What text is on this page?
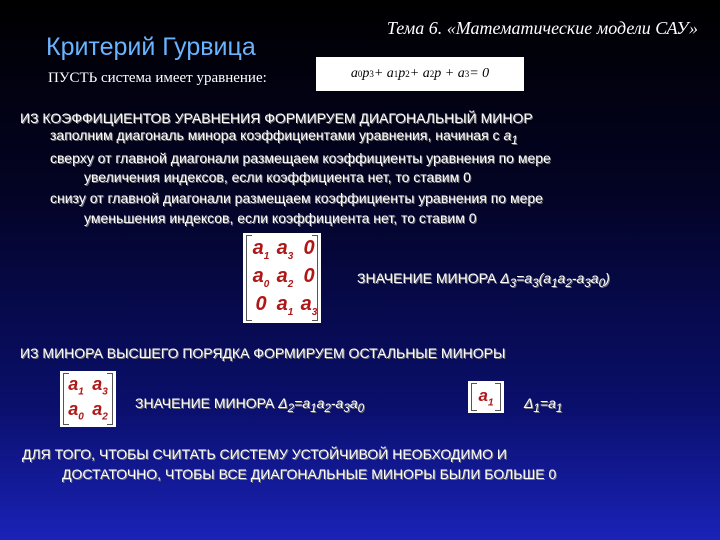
Тема 6. «Математические модели САУ»
Критерий Гурвица
ПУСТЬ система имеет уравнение:	a 0 p 3 + a 1 p 2 + a 2 p + a 3 = 0
ИЗ КОЭФФИЦИЕНТОВ УРАВНЕНИЯ ФОРМИРУЕМ ДИАГОНАЛЬНЫЙ МИНОР
заполним диагональ минора коэффициентами уравнения, начиная с $a_1$
сверху от главной диагонали размещаем коэффициенты уравнения по мере
увеличения индексов, если коэффициента нет, то ставим 0
снизу от главной диагонали размещаем коэффициенты уравнения по мере
уменьшения индексов, если коэффициента нет, то ставим 0
$a_1$ $a_3$ 0
$a_0$ $a_2$ 0
0 $a_1$ $a_3$
ЗНАЧЕНИЕ МИНОРА $\Delta_3=a_3(a_1a_2-a_3a_0)$
ИЗ МИНОРА ВЫСШЕГО ПОРЯДКА ФОРМИРУЕМ ОСТАЛЬНЫЕ МИНОРЫ
$a_1$ $a_3$
$a_0$ $a_2$
ЗНАЧЕНИЕ МИНОРА $\Delta_2=a_1a_2-a_3a_0$
$a_1$ $\Delta_1=a_1$
ДЛЯ ТОГО, ЧТОБЫ СЧИТАТЬ СИСТЕМУ УСТОЙЧИВОЙ НЕОБХОДИМО И
ДОСТАТОЧНО, ЧТОБЫ ВСЕ ДИАГОНАЛЬНЫЕ МИНОРЫ БЫЛИ БОЛЬШЕ 0
